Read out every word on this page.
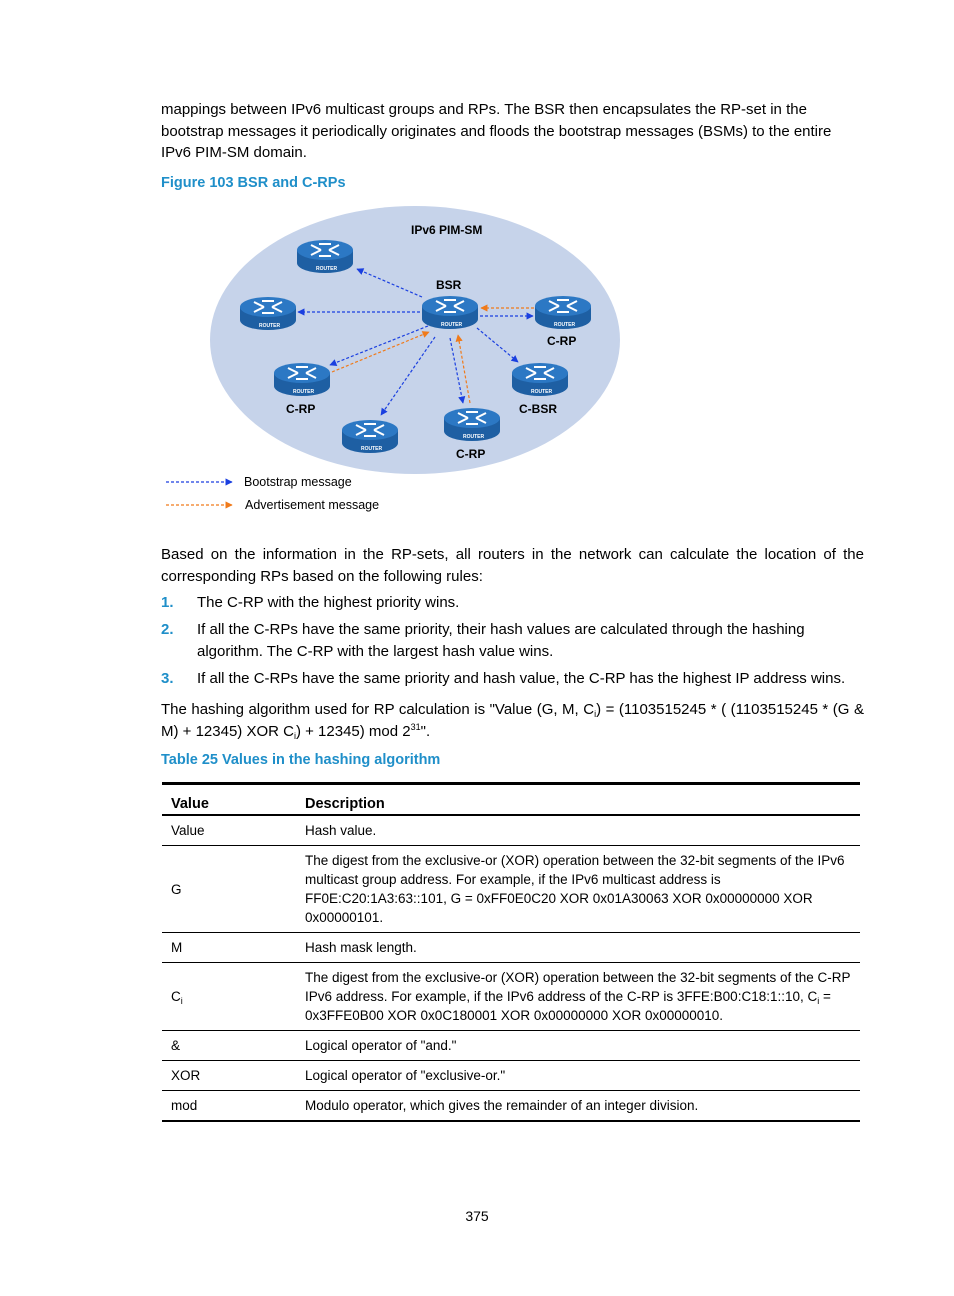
mappings between IPv6 multicast groups and RPs. The BSR then encapsulates the RP-set in the bootstrap messages it periodically originates and floods the bootstrap messages (BSMs) to the entire IPv6 PIM-SM domain.
Figure 103 BSR and C-RPs
IPv6 PIM-SM
ROUTER
ROUTER	ROUTER	ROUTER
ROUTER	ROUTER
ROUTER
ROUTER
BSR
C-RP
C-RP	C-BSR
C-RP
Bootstrap message
Advertisement message
Based on the information in the RP-sets, all routers in the network can calculate the location of the corresponding RPs based on the following rules:
1. The C-RP with the highest priority wins.
2. If all the C-RPs have the same priority, their hash values are calculated through the hashing algorithm. The C-RP with the largest hash value wins.
3. If all the C-RPs have the same priority and hash value, the C-RP has the highest IP address wins.
The hashing algorithm used for RP calculation is "Value (G, M, $C_i) = (1103515245$ * ( (1103515245 * (G & M) + 12345) XOR $C_i) + 12345$) mod $2^{31}$".
Table 25 Values in the hashing algorithm
Value	Description
Value	Hash value.
G	The digest from the exclusive-or (XOR) operation between the 32-bit segments of the IPv6 multicast group address. For example, if the IPv6 multicast address is FF0E:C20:1A3:63::101, G = 0xFF0E0C20 XOR 0x01A30063 XOR 0x00000000 XOR 0x00000101.
M	Hash mask length.
$C_i$	The digest from the exclusive-or (XOR) operation between the 32-bit segments of the C-RP IPv6 address. For example, if the IPv6 address of the C-RP is 3FFE:B00:C18:1::10, $C_i = 0x3FFE0B00$ XOR 0x0C180001 XOR 0x00000000 XOR 0x00000010.
&	Logical operator of "and."
XOR	Logical operator of "exclusive-or."
mod	Modulo operator, which gives the remainder of an integer division.
375
